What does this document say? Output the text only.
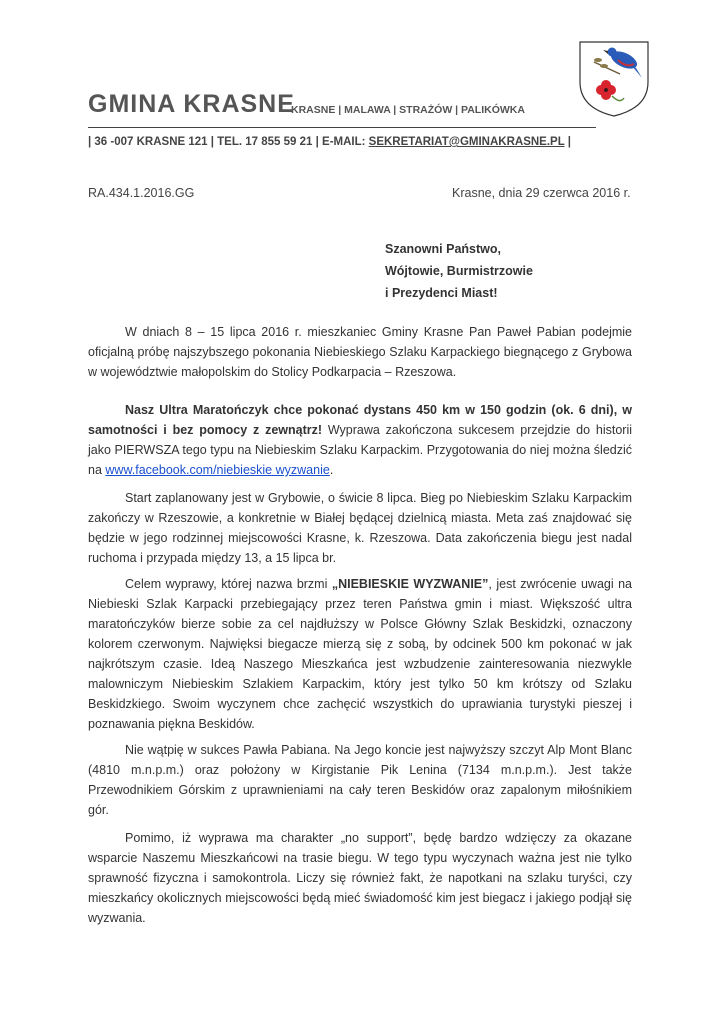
GMINA KRASNE
KRASNE | MALAWA | STRAŻÓW | PALIKÓWKA
| 36 -007 KRASNE 121 | TEL. 17 855 59 21 | E-MAIL: SEKRETARIAT@GMINAKRASNE.PL |
RA.434.1.2016.GG	Krasne, dnia 29 czerwca 2016 r.
Szanowni Państwo,
Wójtowie, Burmistrzowie
i Prezydenci Miast!

W dniach 8 – 15 lipca 2016 r. mieszkaniec Gminy Krasne Pan Paweł Pabian podejmie oficjalną próbę najszybszego pokonania Niebieskiego Szlaku Karpackiego biegnącego z Grybowa w województwie małopolskim do Stolicy Podkarpacia – Rzeszowa.

Nasz Ultra Maratończyk chce pokonać dystans 450 km w 150 godzin (ok. 6 dni), w samotności i bez pomocy z zewnątrz! Wyprawa zakończona sukcesem przejdzie do historii jako PIERWSZA tego typu na Niebieskim Szlaku Karpackim. Przygotowania do niej można śledzić na www.facebook.com/niebieskie wyzwanie.

Start zaplanowany jest w Grybowie, o świcie 8 lipca. Bieg po Niebieskim Szlaku Karpackim zakończy w Rzeszowie, a konkretnie w Białej będącej dzielnicą miasta. Meta zaś znajdować się będzie w jego rodzinnej miejscowości Krasne, k. Rzeszowa. Data zakończenia biegu jest nadal ruchoma i przypada między 13, a 15 lipca br.

Celem wyprawy, której nazwa brzmi „NIEBIESKIE WYZWANIE”, jest zwrócenie uwagi na Niebieski Szlak Karpacki przebiegający przez teren Państwa gmin i miast. Większość ultra maratończyków bierze sobie za cel najdłuższy w Polsce Główny Szlak Beskidzki, oznaczony kolorem czerwonym. Najwięksi biegacze mierzą się z sobą, by odcinek 500 km pokonać w jak najkrótszym czasie. Ideą Naszego Mieszkańca jest wzbudzenie zainteresowania niezwykle malowniczym Niebieskim Szlakiem Karpackim, który jest tylko 50 km krótszy od Szlaku Beskidzkiego. Swoim wyczynem chce zachęcić wszystkich do uprawiania turystyki pieszej i poznawania piękna Beskidów.

Nie wątpię w sukces Pawła Pabiana. Na Jego koncie jest najwyższy szczyt Alp Mont Blanc (4810 m.n.p.m.) oraz położony w Kirgistanie Pik Lenina (7134 m.n.p.m.). Jest także Przewodnikiem Górskim z uprawnieniami na cały teren Beskidów oraz zapalonym miłośnikiem gór.

Pomimo, iż wyprawa ma charakter „no support”, będę bardzo wdzięczy za okazane wsparcie Naszemu Mieszkańcowi na trasie biegu. W tego typu wyczynach ważna jest nie tylko sprawność fizyczna i samokontrola. Liczy się również fakt, że napotkani na szlaku turyści, czy mieszkańcy okolicznych miejscowości będą mieć świadomość kim jest biegacz i jakiego podjął się wyzwania.
